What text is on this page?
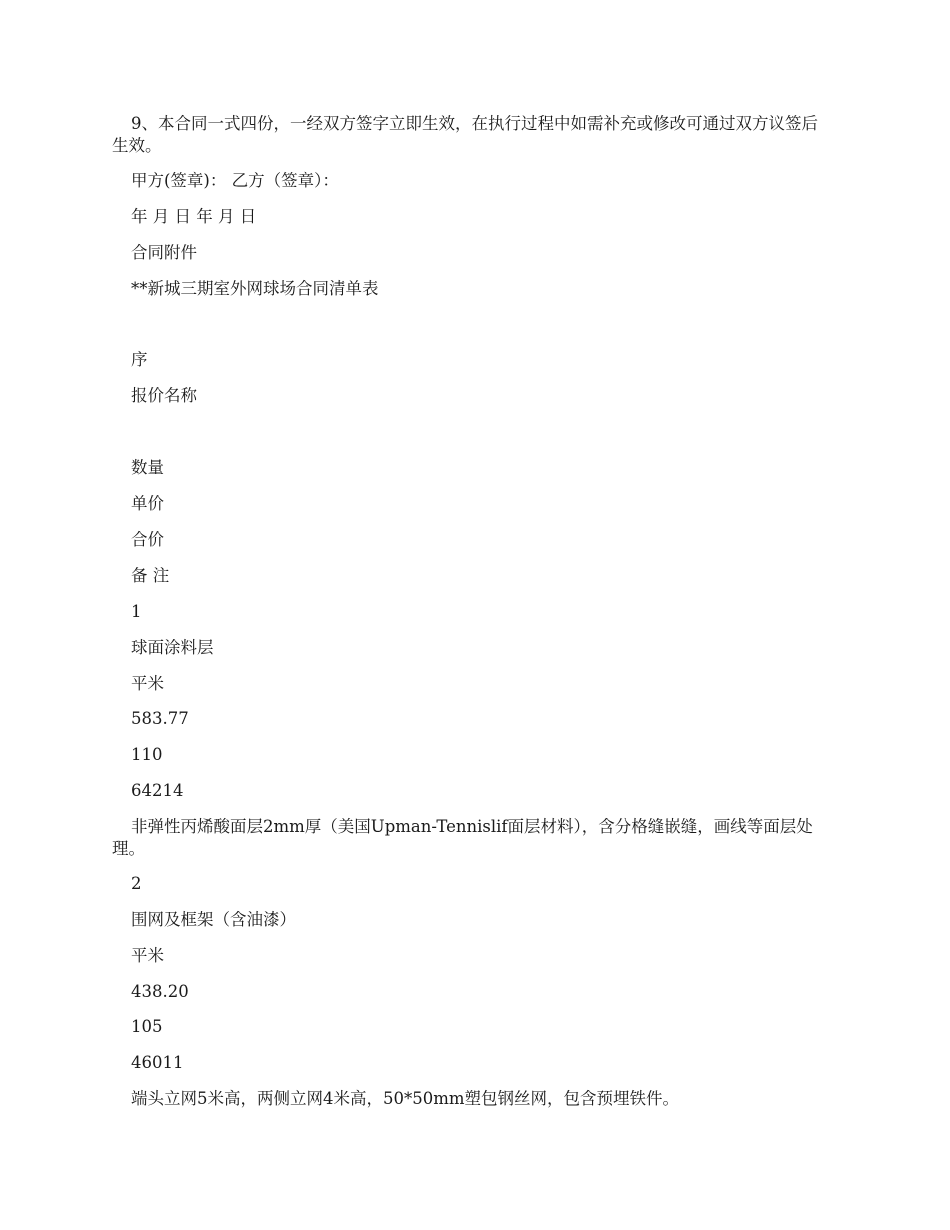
9、本合同一式四份，一经双方签字立即生效，在执行过程中如需补充或修改可通过双方议签后生效。

甲方(签章)： 乙方（签章）：

年 月 日 年 月 日

合同附件

**新城三期室外网球场合同清单表

序

报价名称

数量

单价

合价

备 注

1

球面涂料层

平米

583.77

110

64214

非弹性丙烯酸面层2mm厚（美国Upman-Tennislif面层材料），含分格缝嵌缝，画线等面层处理。

2

围网及框架（含油漆）

平米

438.20

105

46011

端头立网5米高，两侧立网4米高，50*50mm塑包钢丝网，包含预埋铁件。
